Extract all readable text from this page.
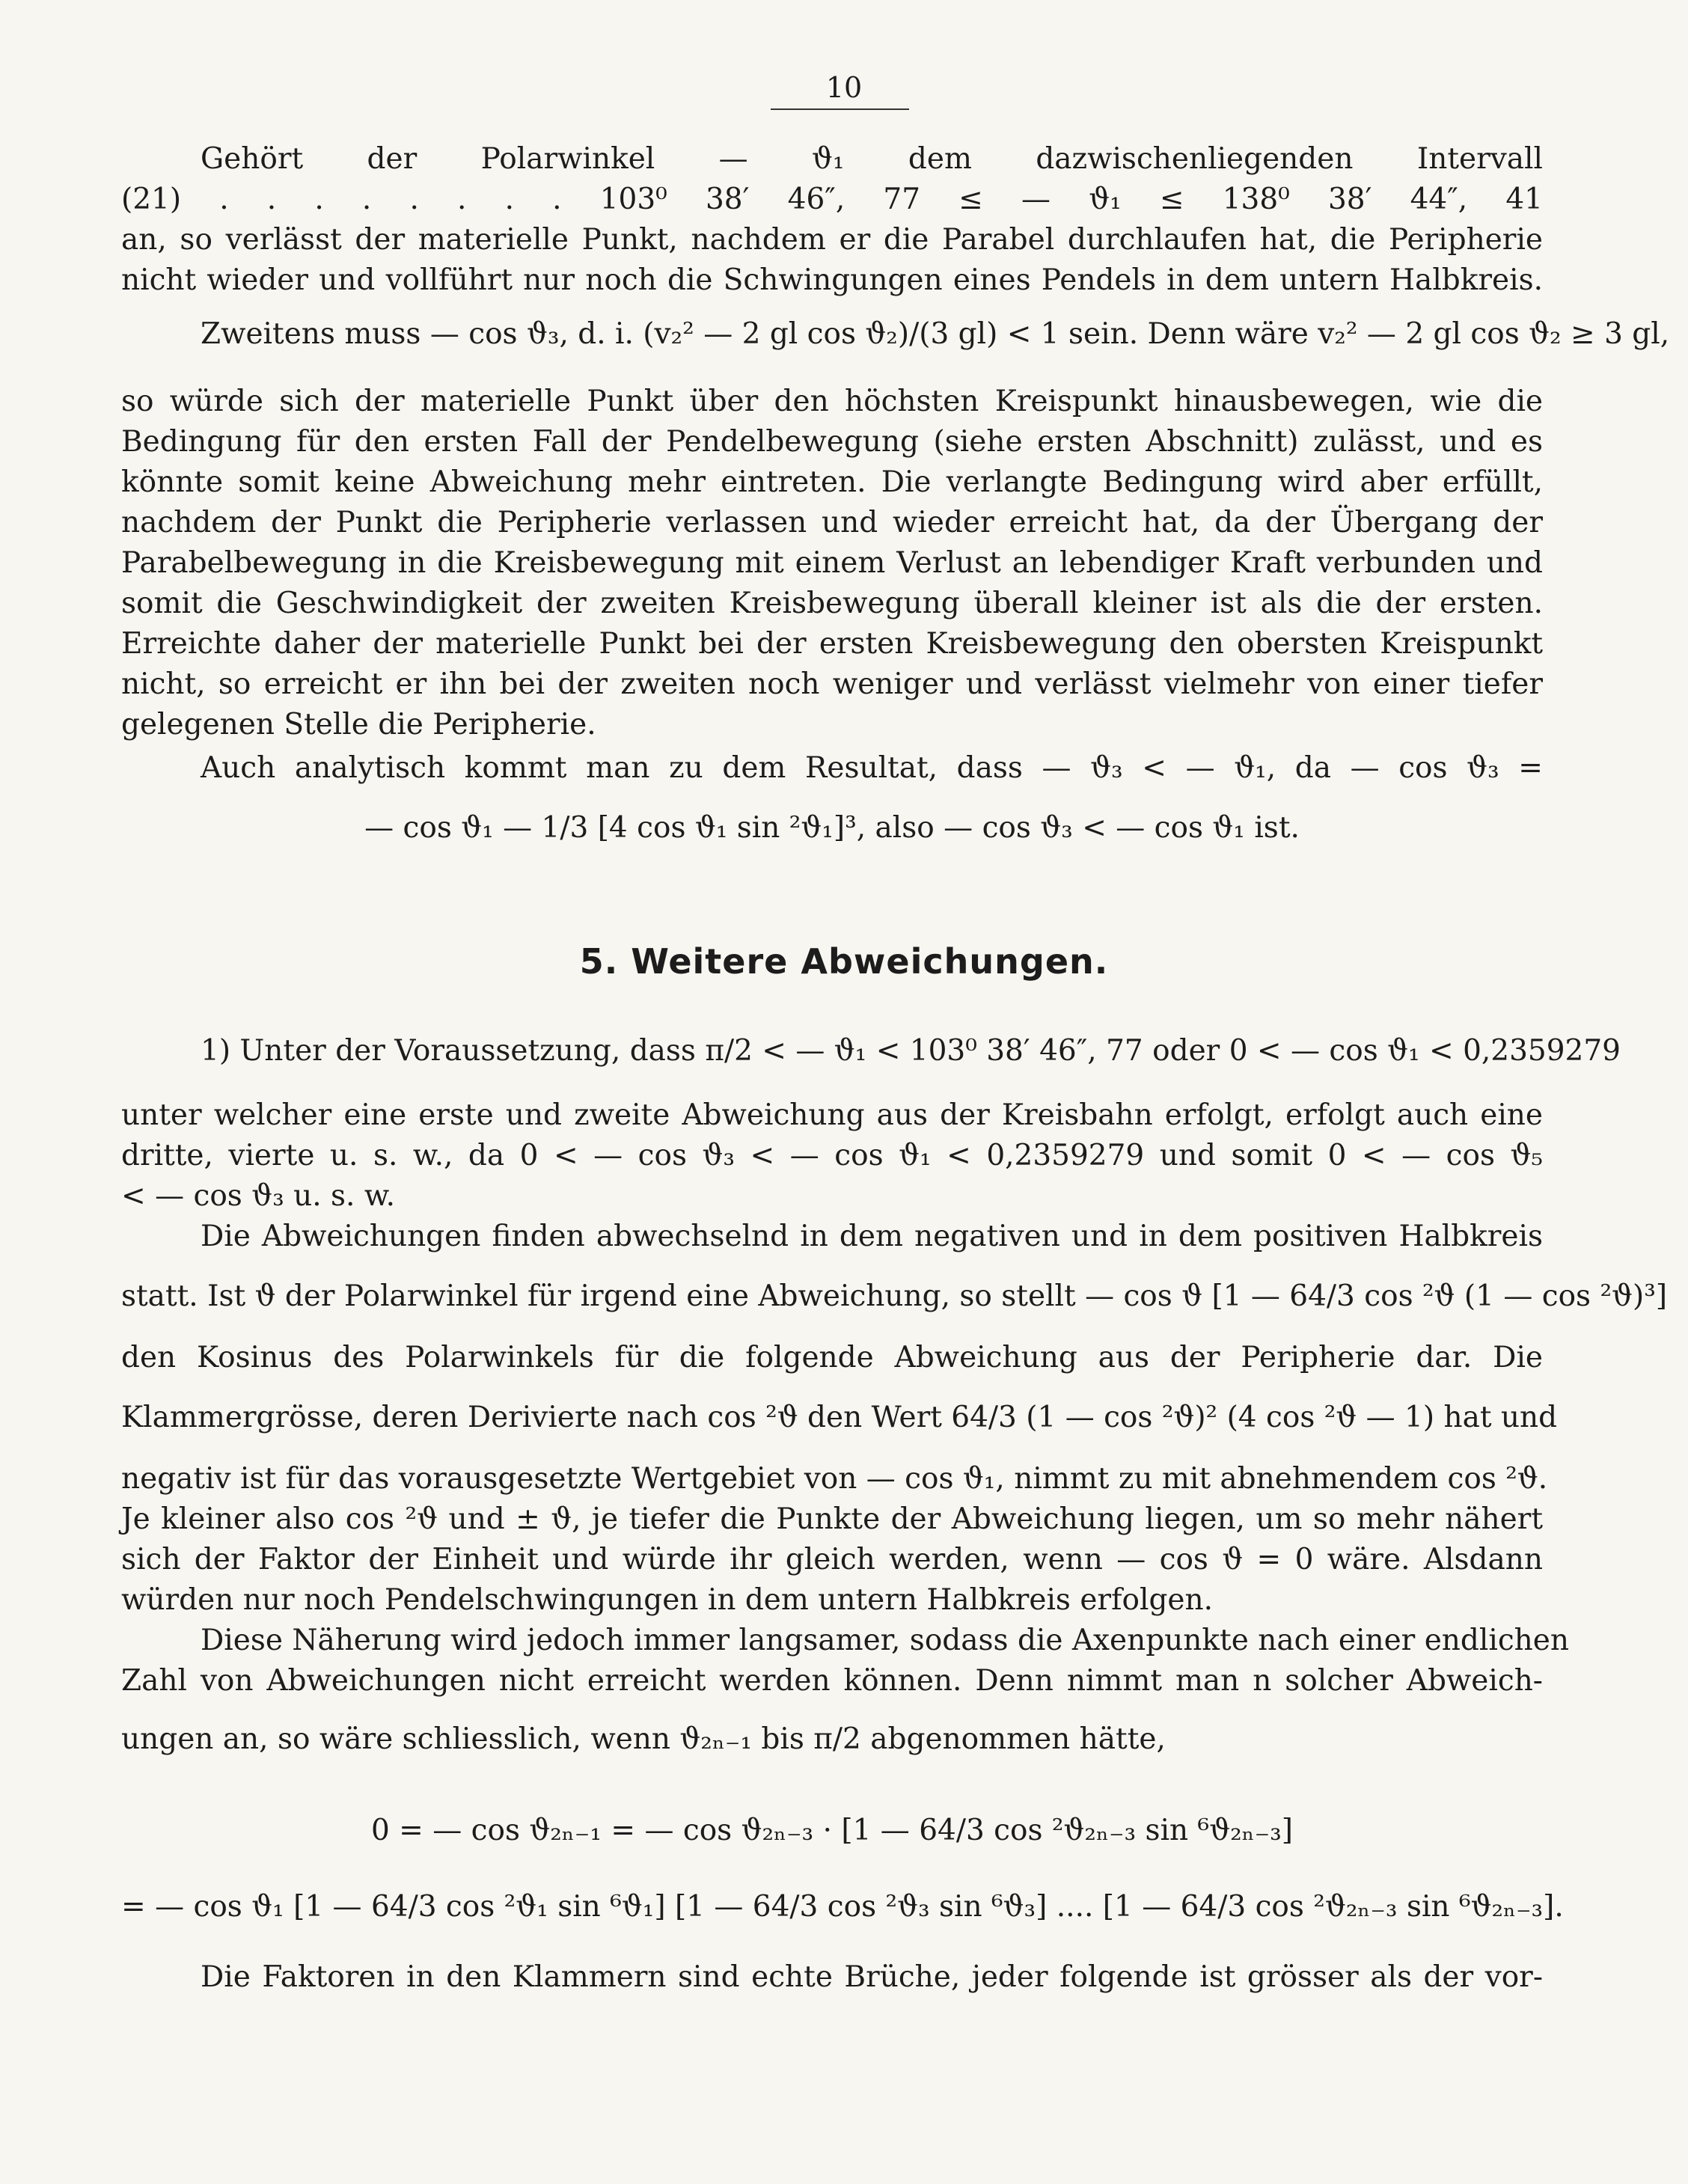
10
Gehört der Polarwinkel — ϑ₁ dem dazwischenliegenden Intervall
(21) . . . . . . . . 103⁰ 38′ 46″, 77 ≤ — ϑ₁ ≤ 138⁰ 38′ 44″, 41
an, so verlässt der materielle Punkt, nachdem er die Parabel durchlaufen hat, die Peripherie
nicht wieder und vollführt nur noch die Schwingungen eines Pendels in dem untern Halbkreis.
Zweitens muss — cos ϑ₃, d. i. (v₂² — 2 gl cos ϑ₂)/(3 gl) < 1 sein. Denn wäre v₂² — 2 gl cos ϑ₂ ≥ 3 gl,
so würde sich der materielle Punkt über den höchsten Kreispunkt hinausbewegen, wie die
Bedingung für den ersten Fall der Pendelbewegung (siehe ersten Abschnitt) zulässt, und es
könnte somit keine Abweichung mehr eintreten. Die verlangte Bedingung wird aber erfüllt,
nachdem der Punkt die Peripherie verlassen und wieder erreicht hat, da der Übergang der
Parabelbewegung in die Kreisbewegung mit einem Verlust an lebendiger Kraft verbunden und
somit die Geschwindigkeit der zweiten Kreisbewegung überall kleiner ist als die der ersten.
Erreichte daher der materielle Punkt bei der ersten Kreisbewegung den obersten Kreispunkt
nicht, so erreicht er ihn bei der zweiten noch weniger und verlässt vielmehr von einer tiefer
gelegenen Stelle die Peripherie.
Auch analytisch kommt man zu dem Resultat, dass — ϑ₃ < — ϑ₁, da — cos ϑ₃ =
— cos ϑ₁ — 1/3 [4 cos ϑ₁ sin ²ϑ₁]³, also — cos ϑ₃ < — cos ϑ₁ ist.
5. Weitere Abweichungen.
1) Unter der Voraussetzung, dass π/2 < — ϑ₁ < 103⁰ 38′ 46″, 77 oder 0 < — cos ϑ₁ < 0,2359279
unter welcher eine erste und zweite Abweichung aus der Kreisbahn erfolgt, erfolgt auch eine
dritte, vierte u. s. w., da 0 < — cos ϑ₃ < — cos ϑ₁ < 0,2359279 und somit 0 < — cos ϑ₅
< — cos ϑ₃ u. s. w.
Die Abweichungen finden abwechselnd in dem negativen und in dem positiven Halbkreis
statt. Ist ϑ der Polarwinkel für irgend eine Abweichung, so stellt — cos ϑ [1 — 64/3 cos ²ϑ (1 — cos ²ϑ)³]
den Kosinus des Polarwinkels für die folgende Abweichung aus der Peripherie dar. Die
Klammergrösse, deren Derivierte nach cos ²ϑ den Wert 64/3 (1 — cos ²ϑ)² (4 cos ²ϑ — 1) hat und
negativ ist für das vorausgesetzte Wertgebiet von — cos ϑ₁, nimmt zu mit abnehmendem cos ²ϑ.
Je kleiner also cos ²ϑ und ± ϑ, je tiefer die Punkte der Abweichung liegen, um so mehr nähert
sich der Faktor der Einheit und würde ihr gleich werden, wenn — cos ϑ = 0 wäre. Alsdann
würden nur noch Pendelschwingungen in dem untern Halbkreis erfolgen.
Diese Näherung wird jedoch immer langsamer, sodass die Axenpunkte nach einer endlichen
Zahl von Abweichungen nicht erreicht werden können. Denn nimmt man n solcher Abweich-
ungen an, so wäre schliesslich, wenn ϑ₂ₙ₋₁ bis π/2 abgenommen hätte,
0 = — cos ϑ₂ₙ₋₁ = — cos ϑ₂ₙ₋₃ · [1 — 64/3 cos ²ϑ₂ₙ₋₃ sin ⁶ϑ₂ₙ₋₃]
= — cos ϑ₁ [1 — 64/3 cos ²ϑ₁ sin ⁶ϑ₁] [1 — 64/3 cos ²ϑ₃ sin ⁶ϑ₃] .... [1 — 64/3 cos ²ϑ₂ₙ₋₃ sin ⁶ϑ₂ₙ₋₃].
Die Faktoren in den Klammern sind echte Brüche, jeder folgende ist grösser als der vor-
